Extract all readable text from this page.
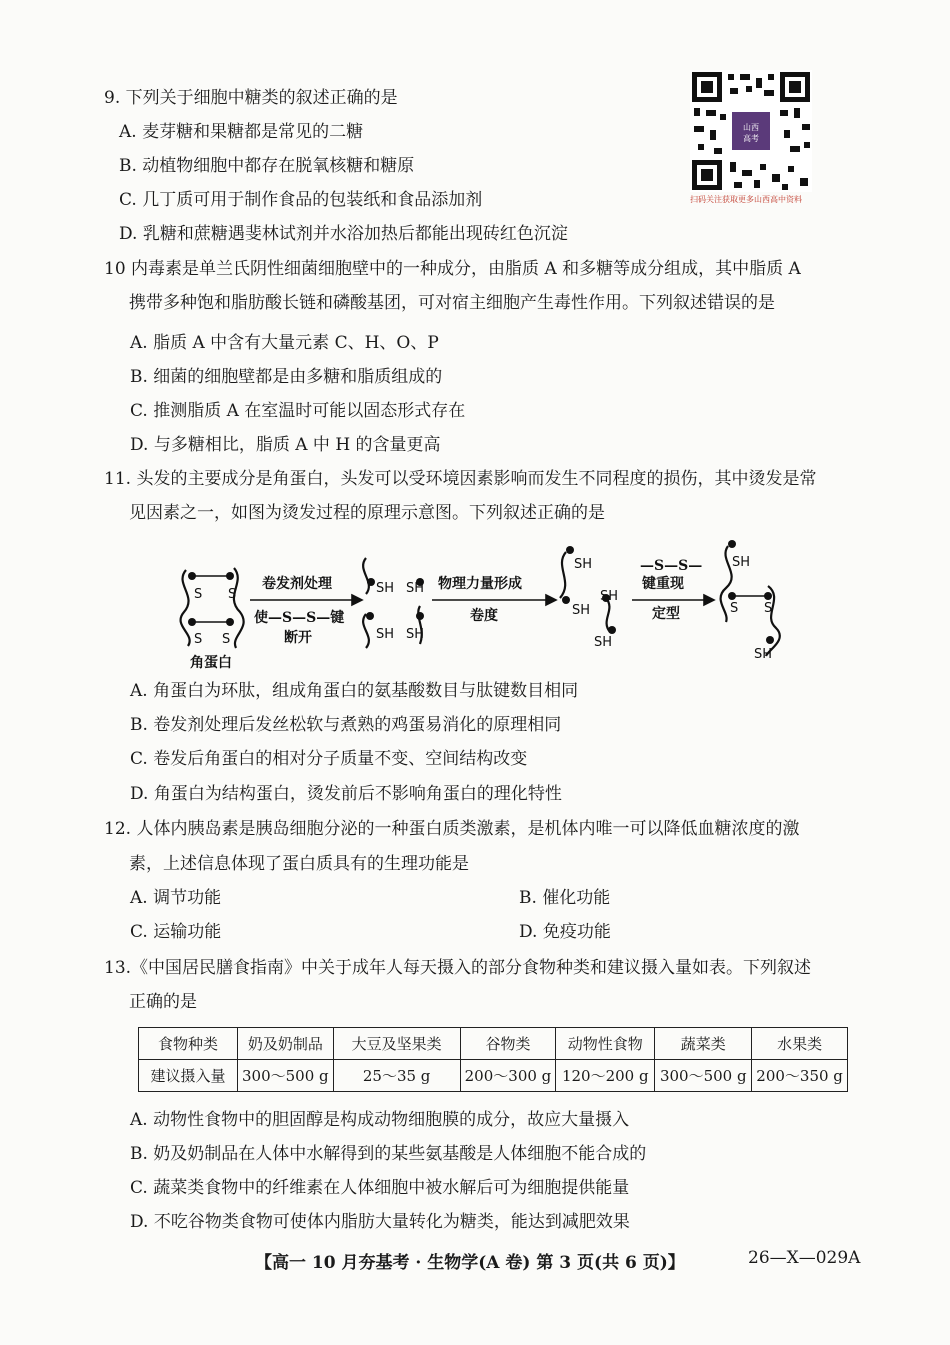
山西
高考
扫码关注获取更多山西高中资料
9. 下列关于细胞中糖类的叙述正确的是
A. 麦芽糖和果糖都是常见的二糖
B. 动植物细胞中都存在脱氧核糖和糖原
C. 几丁质可用于制作食品的包装纸和食品添加剂
D. 乳糖和蔗糖遇斐林试剂并水浴加热后都能出现砖红色沉淀
10 内毒素是单兰氏阴性细菌细胞壁中的一种成分，由脂质 A 和多糖等成分组成，其中脂质 A
携带多种饱和脂肪酸长链和磷酸基团，可对宿主细胞产生毒性作用。下列叙述错误的是
A. 脂质 A 中含有大量元素 C、H、O、P
B. 细菌的细胞壁都是由多糖和脂质组成的
C. 推测脂质 A 在室温时可能以固态形式存在
D. 与多糖相比，脂质 A 中 H 的含量更高
11. 头发的主要成分是角蛋白，头发可以受环境因素影响而发生不同程度的损伤，其中烫发是常
见因素之一，如图为烫发过程的原理示意图。下列叙述正确的是
S S
S S
角蛋白
卷发剂处理
使—S—S—键
断开
SH SH
SH SH
物理力量形成
卷度
SH
SH
SH
SH
—S—S—
键重现
定型
SH
S S
SH
A. 角蛋白为环肽，组成角蛋白的氨基酸数目与肽键数目相同
B. 卷发剂处理后发丝松软与煮熟的鸡蛋易消化的原理相同
C. 卷发后角蛋白的相对分子质量不变、空间结构改变
D. 角蛋白为结构蛋白，烫发前后不影响角蛋白的理化特性
12. 人体内胰岛素是胰岛细胞分泌的一种蛋白质类激素，是机体内唯一可以降低血糖浓度的激
素，上述信息体现了蛋白质具有的生理功能是
A. 调节功能	B. 催化功能
C. 运输功能	D. 免疫功能
13.《中国居民膳食指南》中关于成年人每天摄入的部分食物种类和建议摄入量如表。下列叙述
正确的是
食物种类	奶及奶制品	大豆及坚果类	谷物类	动物性食物	蔬菜类	水果类
建议摄入量	300～500 g	25～35 g	200～300 g	120～200 g	300～500 g	200～350 g
A. 动物性食物中的胆固醇是构成动物细胞膜的成分，故应大量摄入
B. 奶及奶制品在人体中水解得到的某些氨基酸是人体细胞不能合成的
C. 蔬菜类食物中的纤维素在人体细胞中被水解后可为细胞提供能量
D. 不吃谷物类食物可使体内脂肪大量转化为糖类，能达到减肥效果
【高一 10 月夯基考 · 生物学(A 卷) 第 3 页(共 6 页)】	26—X—029A
